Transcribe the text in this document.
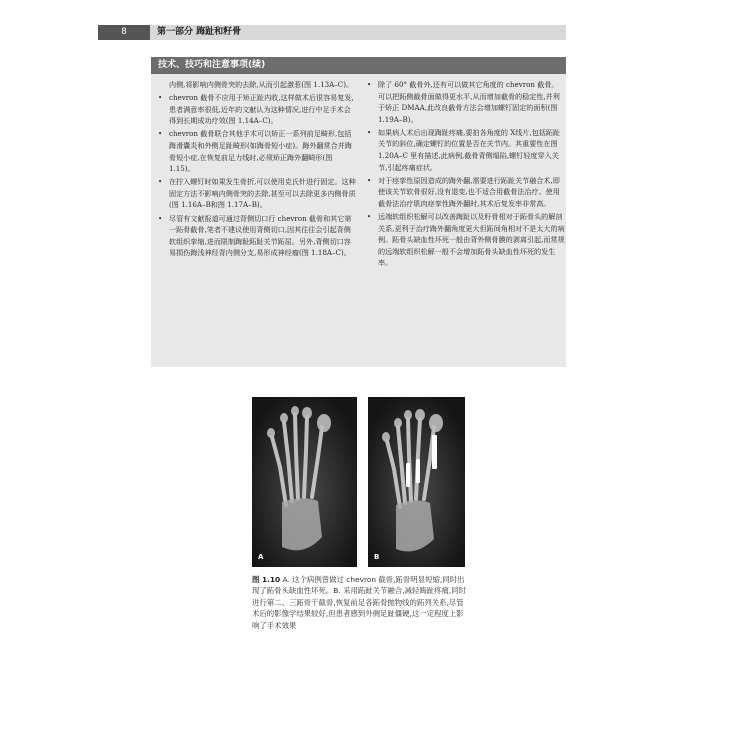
8	第一部分 踇趾和籽骨
技术、技巧和注意事项(续)

内侧,将影响内侧骨突的去除,从而引起激惹(图 1.13A–C)。

• chevron 截骨不应用于矫正趾内收,这样做术后很容易复发,患者满意率很低,近年的文献认为这种情况,进行中足手术会得到长期成功疗效(图 1.14A–C)。

• chevron 截骨联合其他手术可以矫正一系列前足畸形,包括踇滑囊炎和外侧足趾畸形(如踇骨短小症)。踇外翻常合并踇骨短小症,在恢复前足力线时,必须矫正踇外翻畸形(图 1.15)。

• 在拧入螺钉时如果发生骨折,可以使用克氏针进行固定。这种固定方法不影响内侧骨突的去除,甚至可以去除更多内侧骨质(图 1.16A–B和图 1.17A–B)。

• 尽管有文献报道可通过背侧切口行 chevron 截骨和其它第一跖骨截骨,笔者不建议使用背侧切口,因其往往会引起背侧软组织挛缩,进而限制踇趾跖趾关节跖屈。另外,背侧切口容易损伤踇浅神经背内侧分支,易形成神经瘤(图 1.18A–C)。

• 除了 60° 截骨外,还有可以做其它角度的 chevron 截骨。可以把跖侧截骨面做得更水平,从而增加截骨的稳定性,并利于矫正 DMAA,此改良截骨方法会增加螺钉固定的面积(图 1.19A–B)。

• 如果病人术后出现踇趾疼痛,要拍各角度的 X线片,包括跖趾关节的斜位,确定螺钉的位置是否在关节内。其重要性在图 1.20A–C 里有描述,此病例,截骨背侧塌陷,螺钉轻度穿入关节,引起疼痛症状。

• 对于痉挛性原因造成的踇外翻,需要进行跖趾关节融合术,即使该关节软骨很好,没有退变,也不适合用截骨法治疗。使用截骨法治疗肌肉痉挛性踇外翻时,其术后复发率非常高。

• 远端软组织松解可以改善踇趾以及籽骨相对于跖骨头的解剖关系,更利于治疗踇外翻角度更大但跖间角相对不是太大的病例。跖骨头缺血性坏死一般由背外侧骨膜的剥离引起,而常规的远端软组织松解一般不会增加跖骨头缺血性坏死的发生率。

A	B
图 1.10 A. 这个病例曾做过 chevron 截骨,跖骨明显短缩,同时出现了跖骨头缺血性坏死。B. 采用跖趾关节融合,减轻踇趾疼痛,同时进行第二、三跖骨干截骨,恢复前足各跖骨抛物线的跖列关系,尽管术后的影像学结果较好,但患者感到外侧足趾僵硬,这一定程度上影响了手术效果
